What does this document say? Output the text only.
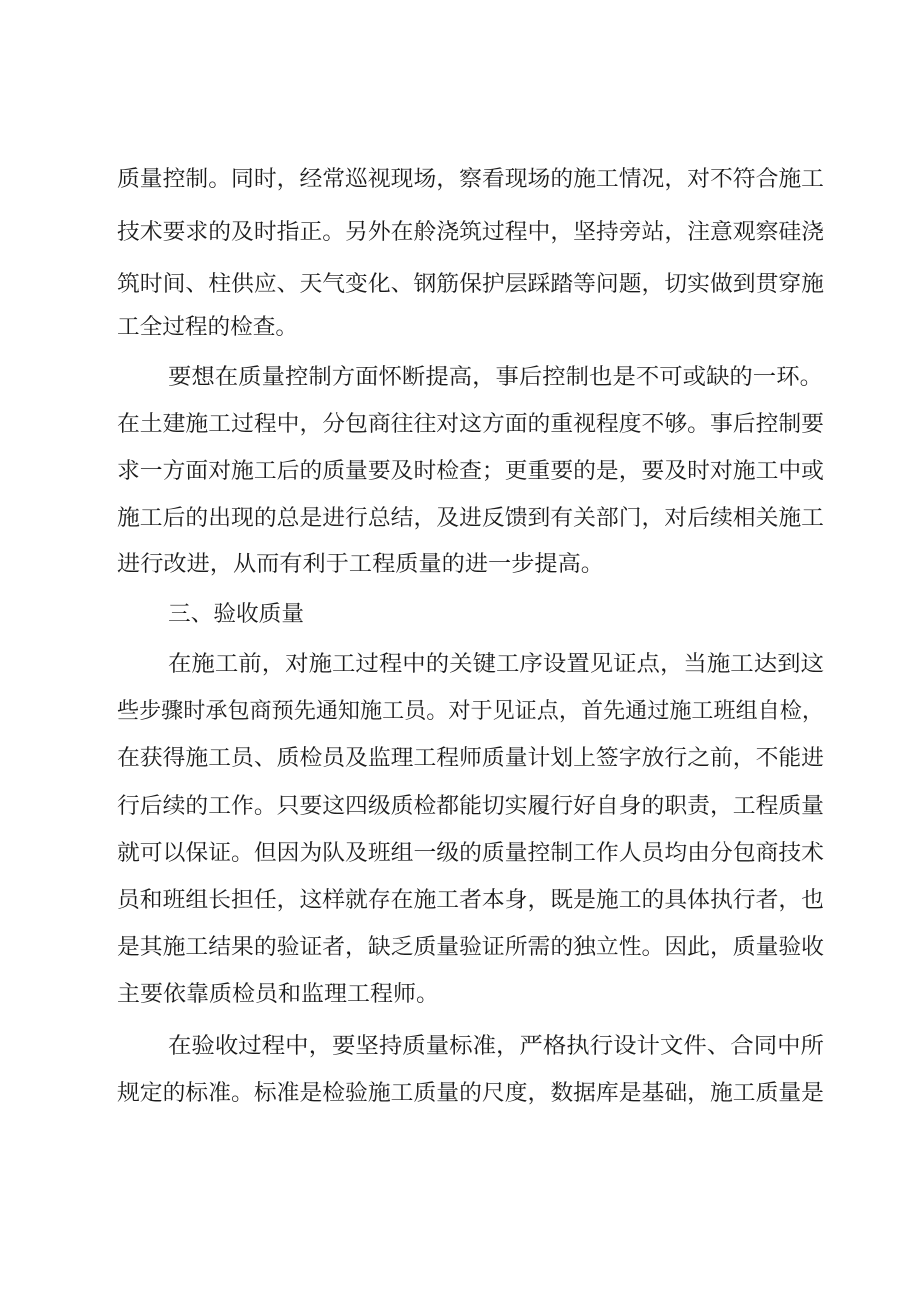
质量控制。同时，经常巡视现场，察看现场的施工情况，对不符合施工
技术要求的及时指正。另外在舲浇筑过程中，坚持旁站，注意观察硅浇
筑时间、柱供应、天气变化、钢筋保护层踩踏等问题，切实做到贯穿施
工全过程的检查。
要想在质量控制方面怀断提高，事后控制也是不可或缺的一环。
在土建施工过程中，分包商往往对这方面的重视程度不够。事后控制要
求一方面对施工后的质量要及时检查；更重要的是，要及时对施工中或
施工后的出现的总是进行总结，及进反馈到有关部门，对后续相关施工
进行改进，从而有利于工程质量的进一步提高。
三、验收质量
在施工前，对施工过程中的关键工序设置见证点，当施工达到这
些步骤时承包商预先通知施工员。对于见证点，首先通过施工班组自检，
在获得施工员、质检员及监理工程师质量计划上签字放行之前，不能进
行后续的工作。只要这四级质检都能切实履行好自身的职责，工程质量
就可以保证。但因为队及班组一级的质量控制工作人员均由分包商技术
员和班组长担任，这样就存在施工者本身，既是施工的具体执行者，也
是其施工结果的验证者，缺乏质量验证所需的独立性。因此，质量验收
主要依靠质检员和监理工程师。
在验收过程中，要坚持质量标准，严格执行设计文件、合同中所
规定的标准。标准是检验施工质量的尺度，数据库是基础，施工质量是
